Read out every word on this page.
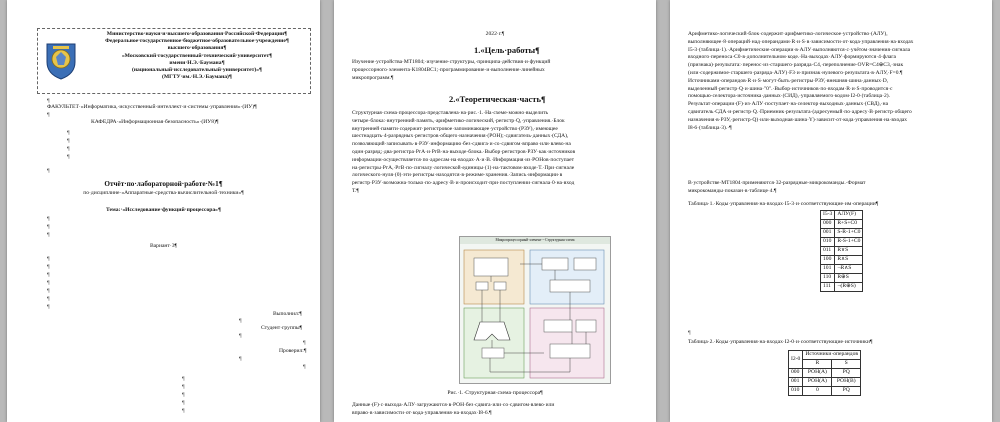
Министерство·науки·и·высшего·образования·Российской·Федерации¶
Федеральное·государственное·бюджетное·образовательное·учреждение¶
высшего·образования¶
«Московский·государственный·технический·университет¶
имени·Н.Э.·Баумана¶
(национальный·исследовательный·университет)»¶
(МГТУ·им.·Н.Э.·Баумана)¶
¶
ФАКУЛЬТЕТ·«Информатика,·искусственный·интеллект·и·системы·управления»·(ИУ)¶
¶
КАФЕДРА·«Информационная·безопасность»·(ИУ8)¶
¶
¶
¶
¶
¶
Отчёт·по·лабораторной·работе·№1¶
по·дисциплине·«Аппаратные·средства·вычислительной·техники»¶
Тема:·«Исследование·функций·процессора»¶
¶
¶
¶
Вариант·3¶
¶
¶
¶
¶
¶
¶
¶
Выполнил:¶
¶
Студент·группы¶
¶
¶
Проверил:¶
¶
¶
¶
¶
¶
¶
¶
2022·г.¶
1.«Цель·работы¶
Изучение·устройства·МТ1804;·изучение·структуры,·принципа·действия·и·функций
процессорного·элемента·К1804ВС1;·программирование·и·выполнение·линейных
микропрограмм.¶
2.«Теоретическая·часть¶
Структурная·схема·процессора·представлена·на·рис.·1.·На·схеме·можно·выделить
четыре·блока:·внутренний·память,·арифметико-логический,·регистр·Q,·управления.·Блок
внутренней·памяти·содержит·регистровое·запоминающее·устройство·(РЗУ),·имеющее
шестнадцать·4-разрядных·регистров·общего·назначения·(РОН);·сдвигатель·данных·(СДА),
позволяющий·записывать·в·РЗУ·информацию·без·сдвига·и·со·сдвигом·вправо·или·влево·на
один·разряд;·два·регистра·РгА·и·РгВ·на·выходе·блока.·Выбор·регистров·РЗУ·как·источников
информации·осуществляется·по·адресам·на·входах·A·и·B.·Информация·из·РОНов·поступает
на·регистры·РгА,·РгВ·по·сигналу·логической·единицы·(1)·на·тактовом·входе·T.·При·сигнале
логического·нуля·(0)·эти·регистры·находятся·в·режиме·хранения.·Запись·информации·в
регистр·РЗУ·возможна·только·по·адресу·B·и·происходит·при·поступлении·сигнала·0·на·вход
T.¶
Микропроцессорный·элемент·-·Структурная·схема
Рис.·1.·Структурная·схема·процессора¶
Данные·(F)·с·выхода·АЛУ·загружаются·в·РОН·без·сдвига·или·со·сдвигом·влево·или
вправо·в·зависимости·от·кода·управления·на·входах·I8-6.¶
Арифметико-логический·блок·содержит·арифметико-логическое·устройство·(АЛУ),
выполняющее·8·операций·над·операндами·R·и·S·в·зависимости·от·кода·управления·на·входах
I5-3·(таблица·1).·Арифметические·операции·в·АЛУ·выполняются·с·учётом·значения·сигнала
входного·переноса·C0·в·дополнительном·коде.·На·выходах·АЛУ·формируются·4·флага
(признака)·результата:·перенос·из·старшего·разряда·C4,·переполнение·OVR=C4⊕C3,·знак
(или·содержимое·старшего·разряда·АЛУ)·F3·и·признак·нулевого·результата·в·АЛУ,·F=0.¶
Источниками·операндов·R·и·S·могут·быть·регистры·РЗУ,·внешняя·шина·данных·D,
выделенный·регистр·Q·и·шина·"0".·Выбор·источников·по·входам·R·и·S·проводится·с
помощью·селектора·источника·данных·(СИД),·управляемого·кодом·I2-0·(таблица·2).
Результат·операции·(F)·из·АЛУ·поступает·на·селектор·выходных·данных·(СВД),·на
сдвигатель·СДА·и·регистр·Q.·Приемник·результата·(адресуемый·по·адресу·B·регистр·общего
назначения·в·РЗУ,·регистр·Q)·или·выходная·шина·Y)·зависит·от·кода·управления·на·входах
I8-6·(таблица·3).·¶
В·устройстве·МТ1804·применяются·32-разрядные·микрокоманды.·Формат
микрокоманды·показан·в·таблице·4.¶
Таблица·1.·Коды·управления·на·входах·I5-3·и·соответствующие·им·операции¶
I5-3	АЛУ(F)
000	R+S+C0
001	S-R-1+C0
010	R-S-1+C0
011	R∨S
100	R∧S
101	¬R∧S
110	R⊕S
111	¬(R⊕S)
¶
Таблица·2.·Коды·управления·на·входах·I2-0·и·соответствующие·источники¶
I2-0	Источники·операндов	
	R	S
000	РОН(A)	PQ
001	РОН(A)	РОН(B)
010	0	PQ
